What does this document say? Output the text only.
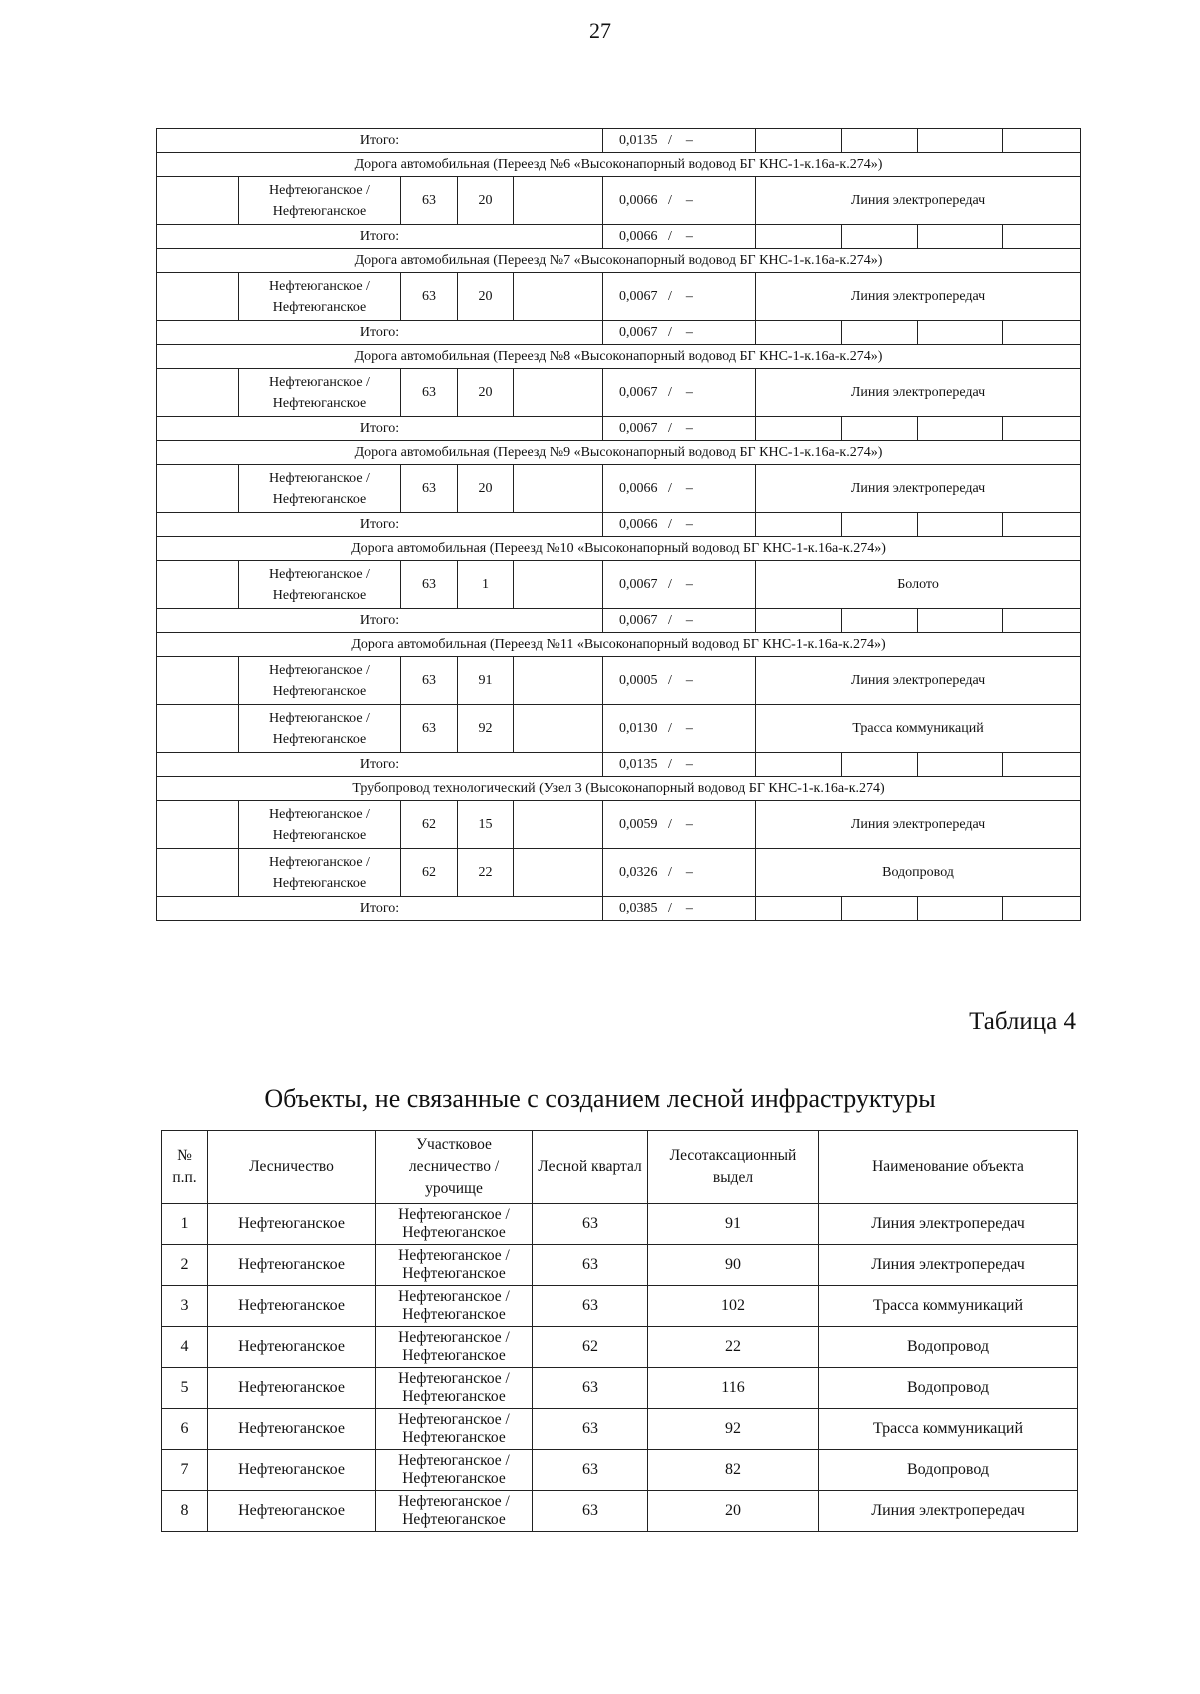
27
Итого:					0,0135   /    –				
Дорога автомобильная (Переезд №6 «Высоконапорный водовод БГ КНС-1-к.16а-к.274»)									
	Нефтеюганское / Нефтеюганское	63	20		0,0066   /    –	Линия электропередач			
Итого:					0,0066   /    –				
Дорога автомобильная (Переезд №7 «Высоконапорный водовод БГ КНС-1-к.16а-к.274»)									
	Нефтеюганское / Нефтеюганское	63	20		0,0067   /    –	Линия электропередач			
Итого:					0,0067   /    –				
Дорога автомобильная (Переезд №8 «Высоконапорный водовод БГ КНС-1-к.16а-к.274»)									
	Нефтеюганское / Нефтеюганское	63	20		0,0067   /    –	Линия электропередач			
Итого:					0,0067   /    –				
Дорога автомобильная (Переезд №9 «Высоконапорный водовод БГ КНС-1-к.16а-к.274»)									
	Нефтеюганское / Нефтеюганское	63	20		0,0066   /    –	Линия электропередач			
Итого:					0,0066   /    –				
Дорога автомобильная (Переезд №10 «Высоконапорный водовод БГ КНС-1-к.16а-к.274»)									
	Нефтеюганское / Нефтеюганское	63	1		0,0067   /    –	Болото			
Итого:					0,0067   /    –				
Дорога автомобильная (Переезд №11 «Высоконапорный водовод БГ КНС-1-к.16а-к.274»)									
	Нефтеюганское / Нефтеюганское	63	91		0,0005   /    –	Линия электропередач			
	Нефтеюганское / Нефтеюганское	63	92		0,0130   /    –	Трасса коммуникаций			
Итого:					0,0135   /    –				
Трубопровод технологический (Узел 3 (Высоконапорный водовод БГ КНС-1-к.16а-к.274)									
	Нефтеюганское / Нефтеюганское	62	15		0,0059   /    –	Линия электропередач			
	Нефтеюганское / Нефтеюганское	62	22		0,0326   /    –	Водопровод			
Итого:					0,0385   /    –				
Таблица 4
Объекты, не связанные с созданием лесной инфраструктуры
№ п.п.	Лесничество	Участковое лесничество / урочище	Лесной квартал	Лесотаксационный выдел	Наименование объекта
1	Нефтеюганское	Нефтеюганское / Нефтеюганское	63	91	Линия электропередач
2	Нефтеюганское	Нефтеюганское / Нефтеюганское	63	90	Линия электропередач
3	Нефтеюганское	Нефтеюганское / Нефтеюганское	63	102	Трасса коммуникаций
4	Нефтеюганское	Нефтеюганское / Нефтеюганское	62	22	Водопровод
5	Нефтеюганское	Нефтеюганское / Нефтеюганское	63	116	Водопровод
6	Нефтеюганское	Нефтеюганское / Нефтеюганское	63	92	Трасса коммуникаций
7	Нефтеюганское	Нефтеюганское / Нефтеюганское	63	82	Водопровод
8	Нефтеюганское	Нефтеюганское / Нефтеюганское	63	20	Линия электропередач
